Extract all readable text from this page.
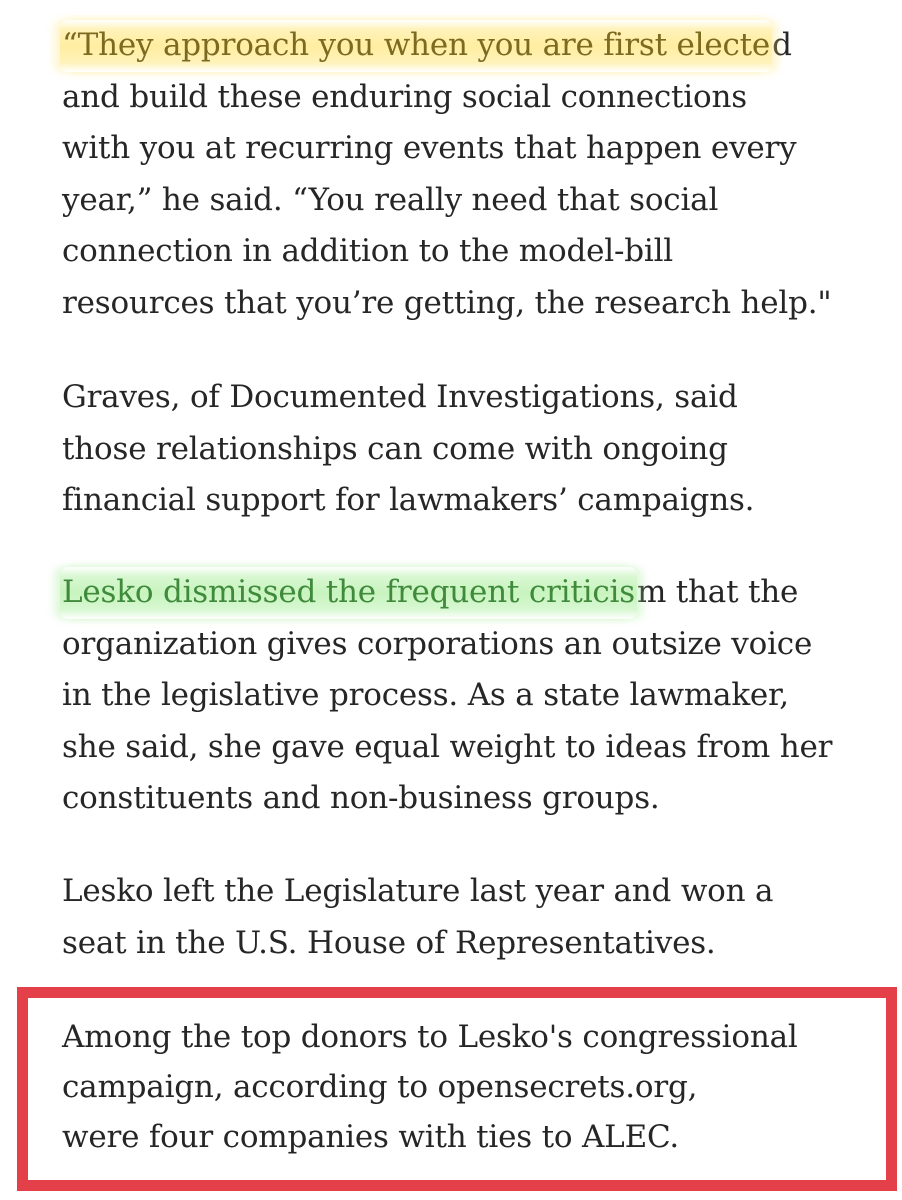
“They approach you when you are first elected
and build these enduring social connections
with you at recurring events that happen every
year,” he said. “You really need that social
connection in addition to the model-bill
resources that you’re getting, the research help."
Graves, of Documented Investigations, said
those relationships can come with ongoing
financial support for lawmakers’ campaigns.
Lesko dismissed the frequent criticism that the
organization gives corporations an outsize voice
in the legislative process. As a state lawmaker,
she said, she gave equal weight to ideas from her
constituents and non-business groups.
Lesko left the Legislature last year and won a
seat in the U.S. House of Representatives.
Among the top donors to Lesko's congressional
campaign, according to opensecrets.org,
were four companies with ties to ALEC.
